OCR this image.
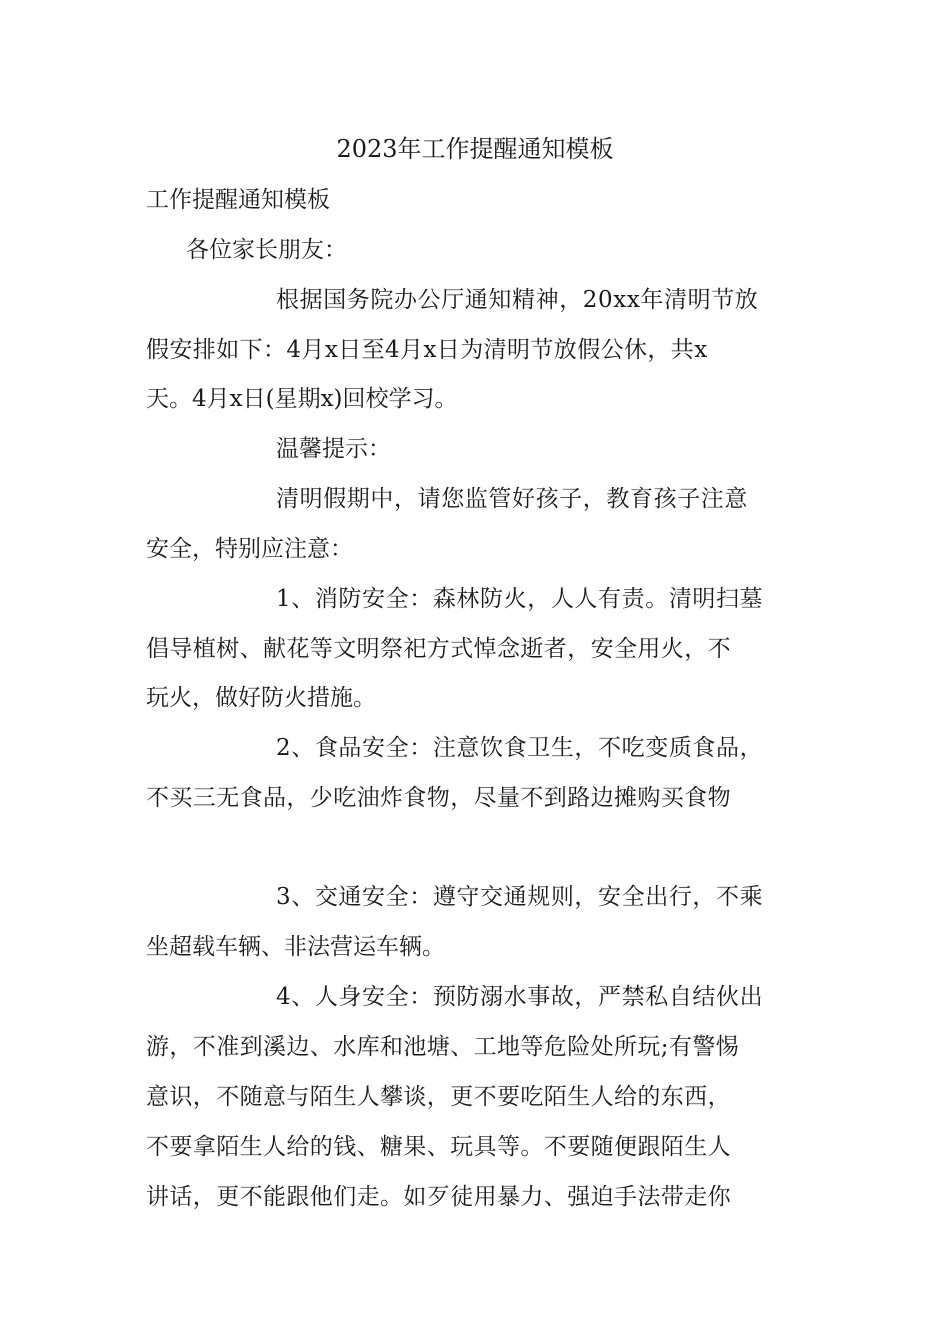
2023年工作提醒通知模板
工作提醒通知模板
各位家长朋友：
根据国务院办公厅通知精神，20xx年清明节放
假安排如下：4月x日至4月x日为清明节放假公休，共x
天。4月x日(星期x)回校学习。
温馨提示：
清明假期中，请您监管好孩子，教育孩子注意
安全，特别应注意：
1、消防安全：森林防火，人人有责。清明扫墓
倡导植树、献花等文明祭祀方式悼念逝者，安全用火，不
玩火，做好防火措施。
2、食品安全：注意饮食卫生，不吃变质食品，
不买三无食品，少吃油炸食物，尽量不到路边摊购买食物
3、交通安全：遵守交通规则，安全出行，不乘
坐超载车辆、非法营运车辆。
4、人身安全：预防溺水事故，严禁私自结伙出
游，不准到溪边、水库和池塘、工地等危险处所玩;有警惕
意识，不随意与陌生人攀谈，更不要吃陌生人给的东西，
不要拿陌生人给的钱、糖果、玩具等。不要随便跟陌生人
讲话，更不能跟他们走。如歹徒用暴力、强迫手法带走你
